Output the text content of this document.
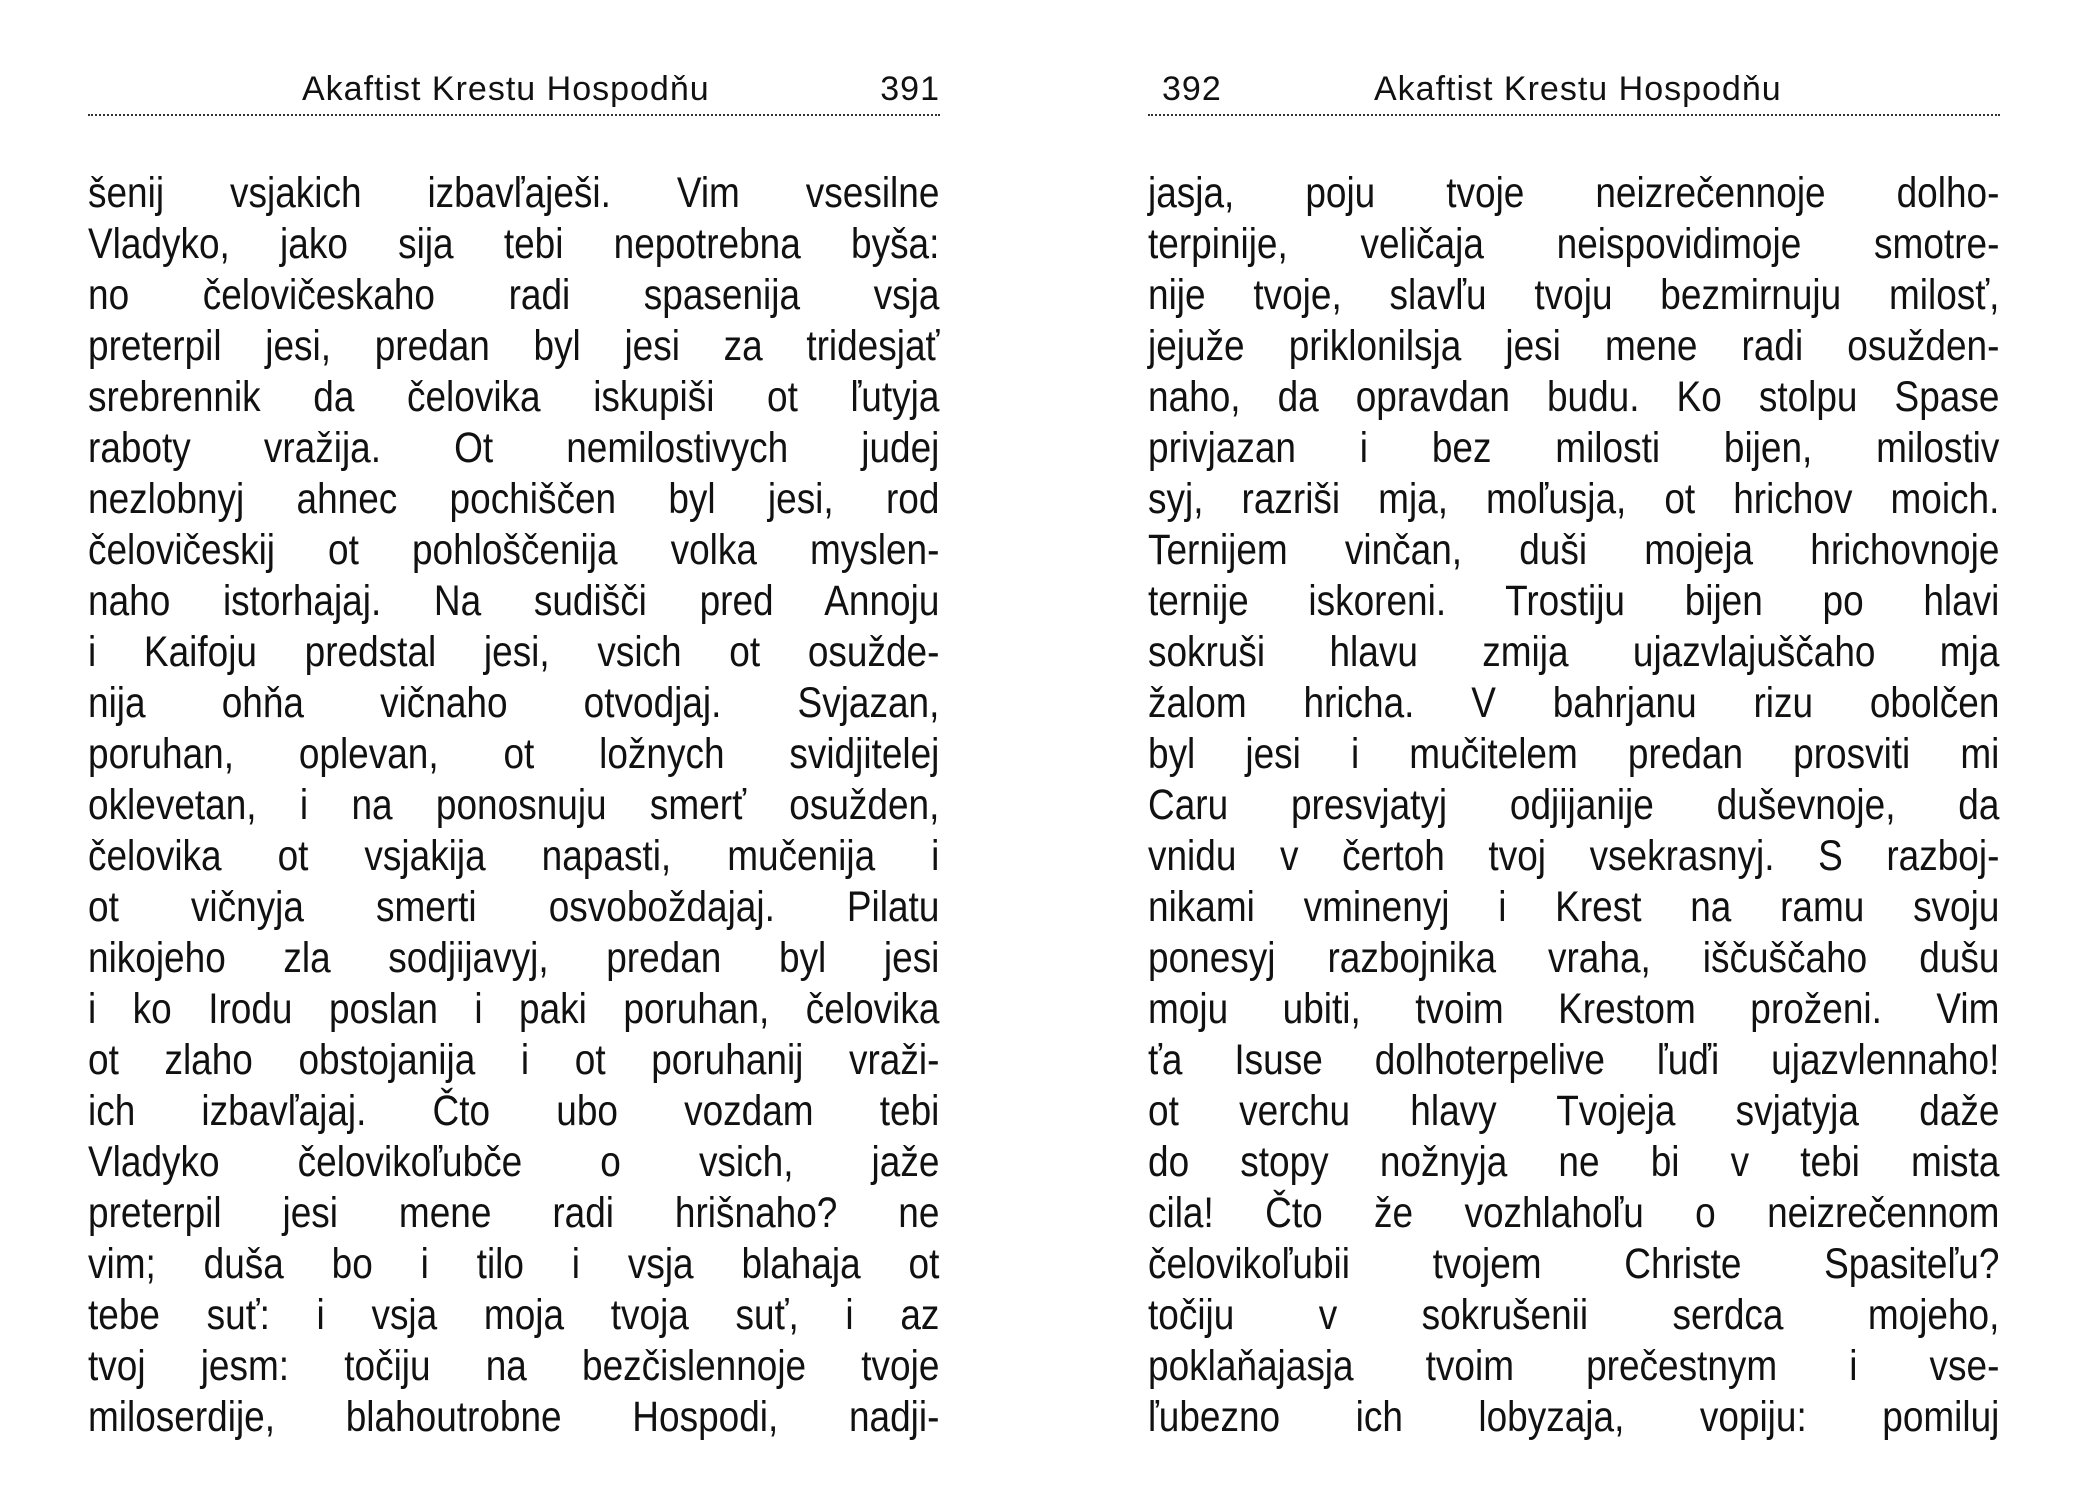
Akaftist Krestu Hospodňu	391
šenij vsjakich izbavľaješi. Vim vsesilne
Vladyko, jako sija tebi nepotrebna byša:
no čelovičeskaho radi spasenija vsja
preterpil jesi, predan byl jesi za tridesjať
srebrennik da čelovika iskupiši ot ľutyja
raboty vražija. Ot nemilostivych judej
nezlobnyj ahnec pochiščen byl jesi, rod
čelovičeskij ot pohloščenija volka myslen-
naho istorhajaj. Na sudišči pred Annoju
i Kaifoju predstal jesi, vsich ot osužde-
nija ohňa vičnaho otvodjaj. Svjazan,
poruhan, oplevan, ot ložnych svidjitelej
oklevetan, i na ponosnuju smerť osužden,
čelovika ot vsjakija napasti, mučenija i
ot vičnyja smerti osvoboždajaj. Pilatu
nikojeho zla sodjijavyj, predan byl jesi
i ko Irodu poslan i paki poruhan, čelovika
ot zlaho obstojanija i ot poruhanij vraži-
ich izbavľajaj. Čto ubo vozdam tebi
Vladyko čelovikoľubče o vsich, jaže
preterpil jesi mene radi hrišnaho? ne
vim; duša bo i tilo i vsja blahaja ot
tebe suť: i vsja moja tvoja suť, i az
tvoj jesm: točiju na bezčislennoje tvoje
miloserdije, blahoutrobne Hospodi, nadji-
392	Akaftist Krestu Hospodňu
jasja, poju tvoje neizrečennoje dolho-
terpinije, veličaja neispovidimoje smotre-
nije tvoje, slavľu tvoju bezmirnuju milosť,
jejuže priklonilsja jesi mene radi osužden-
naho, da opravdan budu. Ko stolpu Spase
privjazan i bez milosti bijen, milostiv
syj, razriši mja, moľusja, ot hrichov moich.
Ternijem vinčan, duši mojeja hrichovnoje
ternije iskoreni. Trostiju bijen po hlavi
sokruši hlavu zmija ujazvlajuščaho mja
žalom hricha. V bahrjanu rizu obolčen
byl jesi i mučitelem predan prosviti mi
Caru presvjatyj odjijanije duševnoje, da
vnidu v čertoh tvoj vsekrasnyj. S razboj-
nikami vminenyj i Krest na ramu svoju
ponesyj razbojnika vraha, iščuščaho dušu
moju ubiti, tvoim Krestom proženi. Vim
ťa Isuse dolhoterpelive ľuďi ujazvlennaho!
ot verchu hlavy Tvojeja svjatyja daže
do stopy nožnyja ne bi v tebi mista
cila! Čto že vozhlahoľu o neizrečennom
čelovikoľubii tvojem Christe Spasiteľu?
točiju v sokrušenii serdca mojeho,
poklaňajasja tvoim prečestnym i vse-
ľubezno ich lobyzaja, vopiju: pomiluj
